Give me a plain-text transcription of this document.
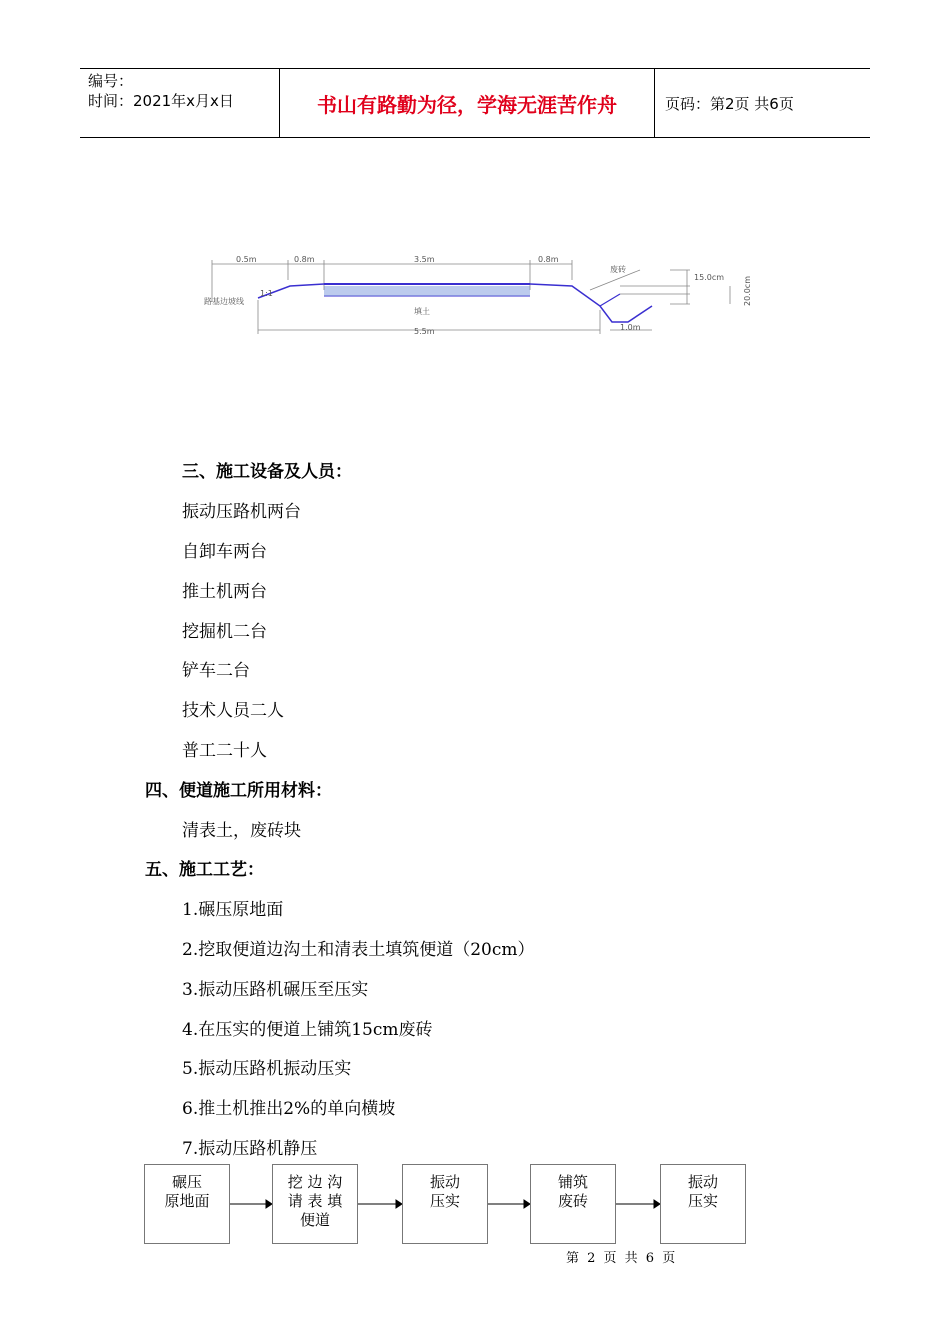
编号：
时间：2021年x月x日	书山有路勤为径，学海无涯苦作舟	页码：第2页 共6页
0.5m	0.8m	3.5m	0.8m
废砖
15.0cm 20.0cm
路基边坡线
1:1
填土
5.5m	1.0m
三、施工设备及人员：
振动压路机两台
自卸车两台
推土机两台
挖掘机二台
铲车二台
技术人员二人
普工二十人
四、便道施工所用材料：
清表土，废砖块
五、施工工艺：
1.碾压原地面
2.挖取便道边沟土和清表土填筑便道（20cm）
3.振动压路机碾压至压实
4.在压实的便道上铺筑15cm废砖
5.振动压路机振动压实
6.推土机推出2%的单向横坡
7.振动压路机静压
碾压
原地面
挖 边 沟
请 表 填
便道
振动
压实
铺筑
废砖
振动
压实
第 2 页 共 6 页
